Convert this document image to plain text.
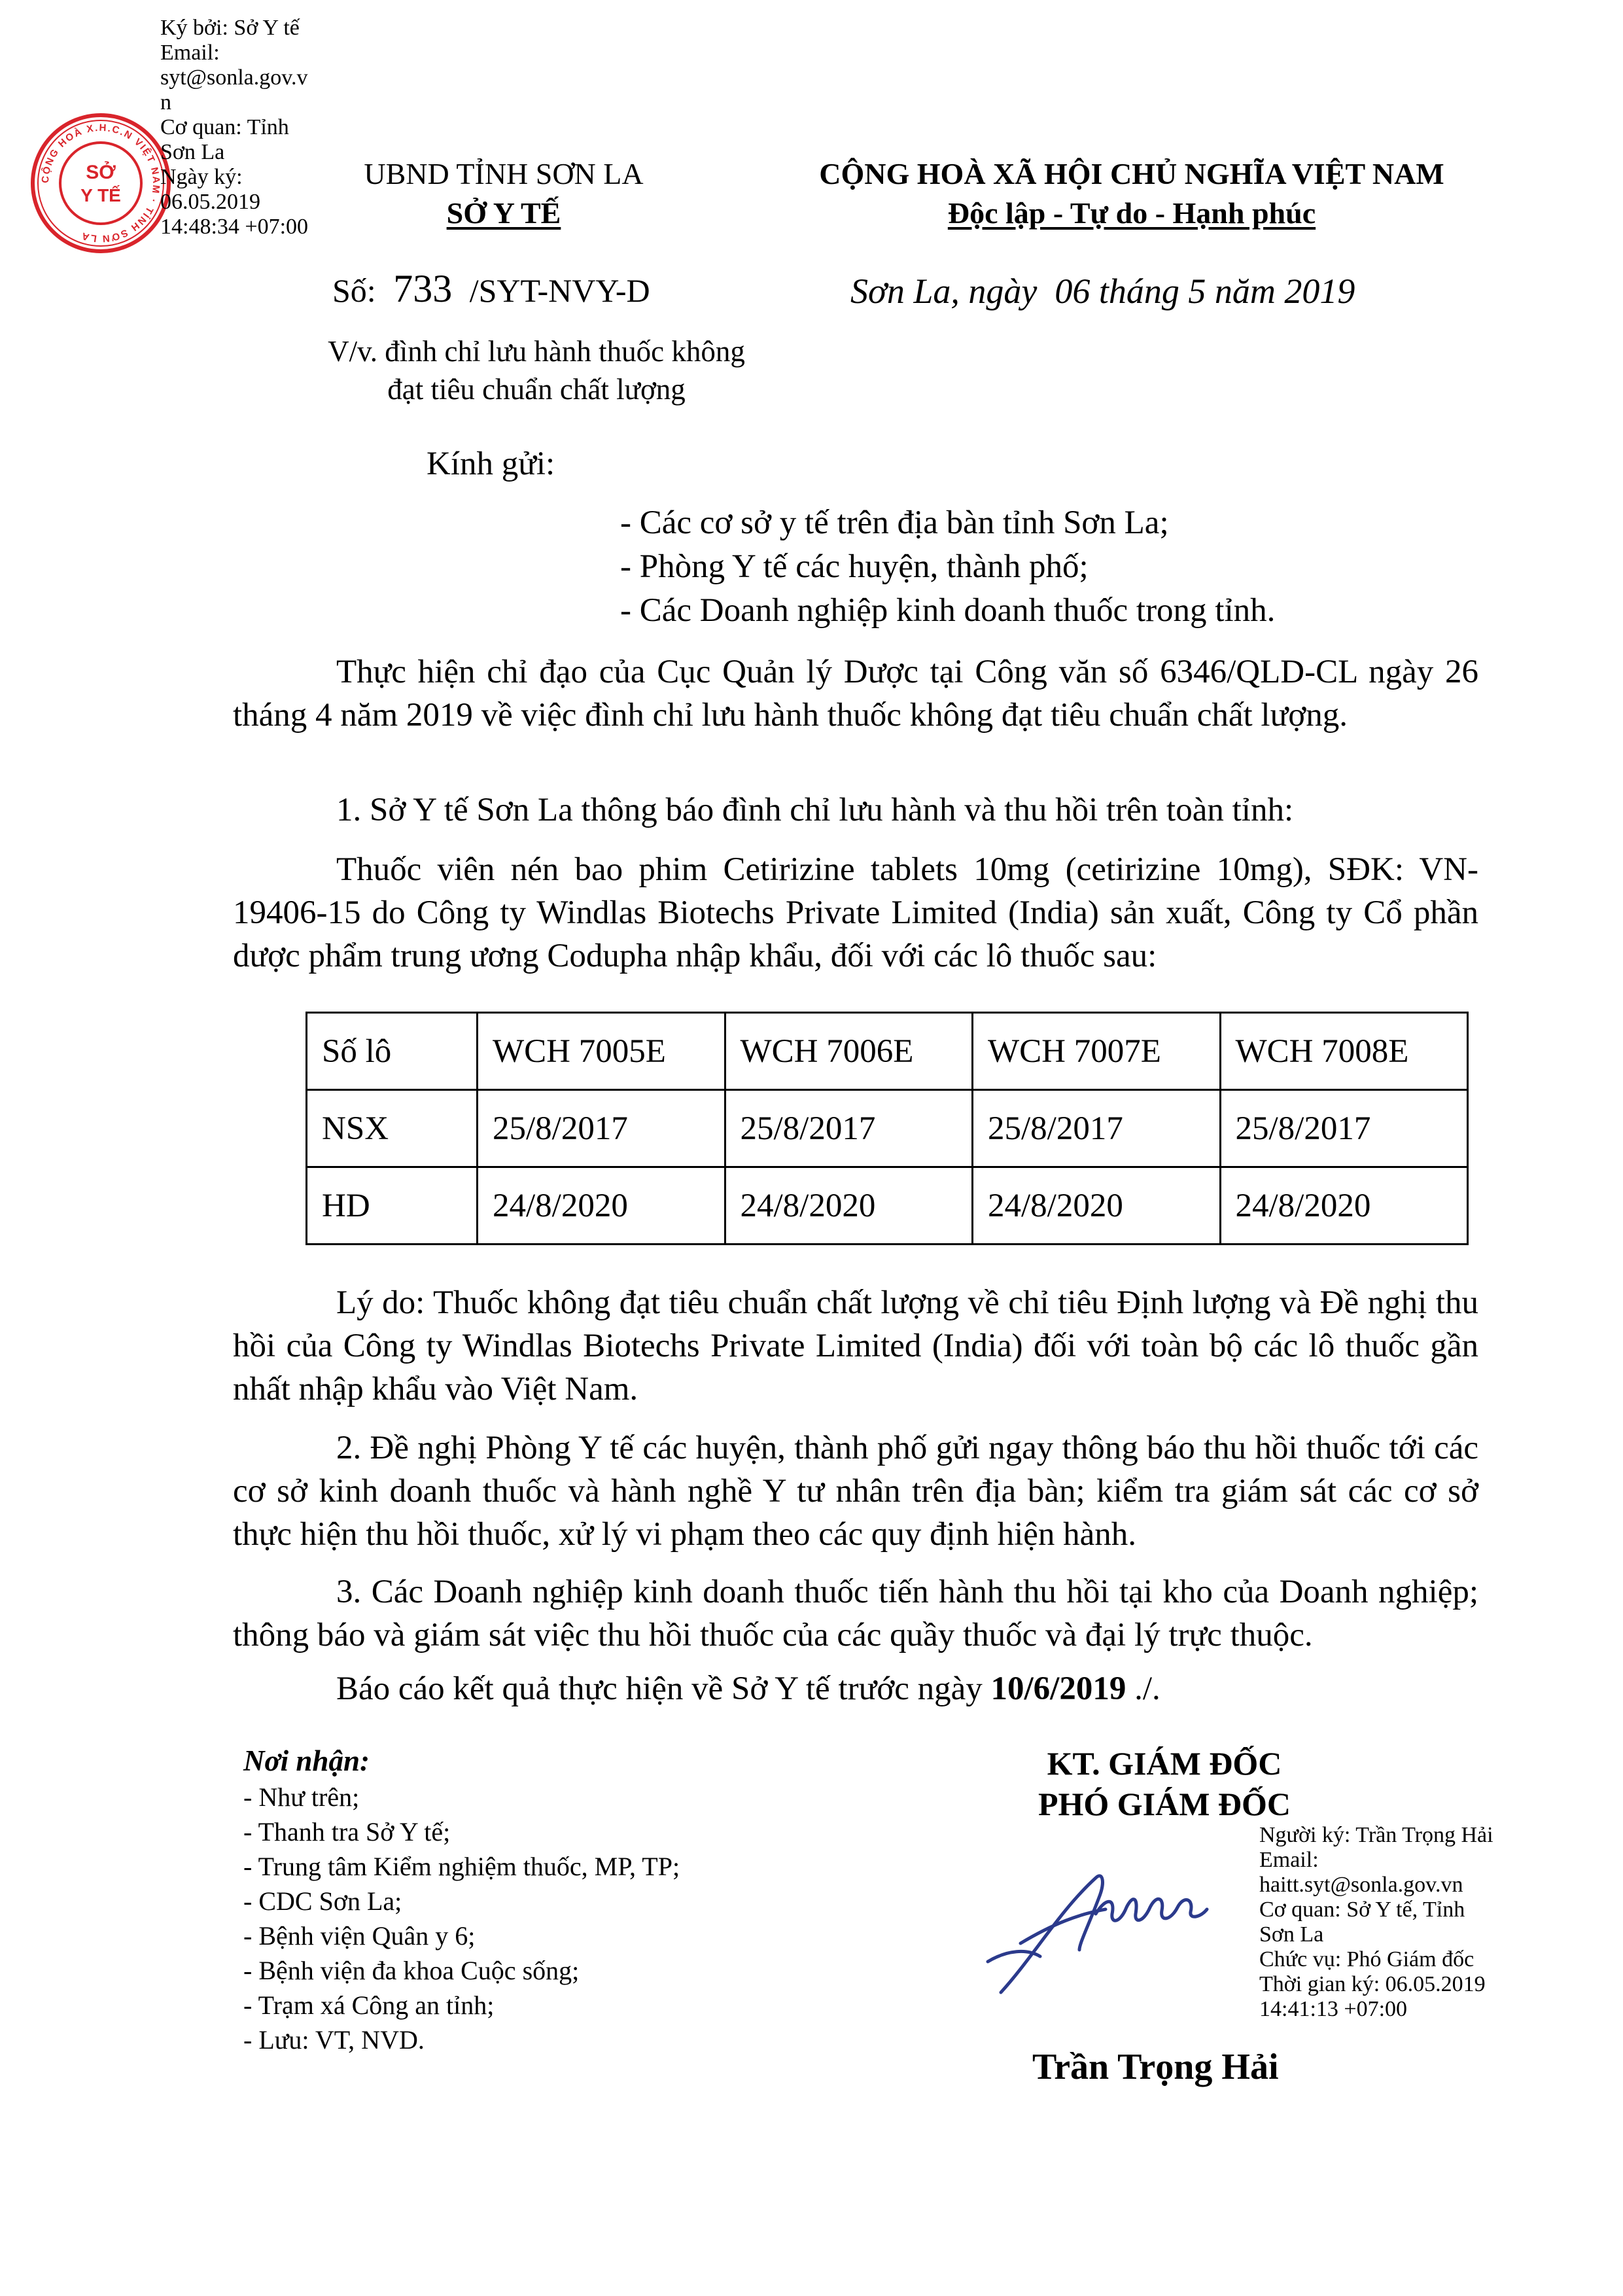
CỘNG HOÀ X.H.C.N VIỆT NAM · TỈNH SƠN LA
SỞ
Y TẾ
Ký bởi: Sở Y tế
Email:
syt@sonla.gov.vn
Cơ quan: Tỉnh Sơn La
Ngày ký:
06.05.2019
14:48:34 +07:00
UBND TỈNH SƠN LA
SỞ Y TẾ
Số: 733 /SYT-NVY-D
V/v. đình chỉ lưu hành thuốc không
đạt tiêu chuẩn chất lượng
CỘNG HOÀ XÃ HỘI CHỦ NGHĨA VIỆT NAM
Độc lập - Tự do - Hạnh phúc
Sơn La, ngày  06 tháng 5 năm 2019
Kính gửi:
- Các cơ sở y tế trên địa bàn tỉnh Sơn La;
- Phòng Y tế các huyện, thành phố;
- Các Doanh nghiệp kinh doanh thuốc trong tỉnh.
Thực hiện chỉ đạo của Cục Quản lý Dược tại Công văn số 6346/QLD-CL ngày 26 tháng 4 năm 2019 về việc đình chỉ lưu hành thuốc không đạt tiêu chuẩn chất lượng.
1. Sở Y tế Sơn La thông báo đình chỉ lưu hành và thu hồi trên toàn tỉnh:
Thuốc viên nén bao phim Cetirizine tablets 10mg (cetirizine 10mg), SĐK: VN-19406-15 do Công ty Windlas Biotechs Private Limited (India) sản xuất, Công ty Cổ phần dược phẩm trung ương Codupha nhập khẩu, đối với các lô thuốc sau:
Số lô	WCH 7005E	WCH 7006E	WCH 7007E	WCH 7008E
NSX	25/8/2017	25/8/2017	25/8/2017	25/8/2017
HD	24/8/2020	24/8/2020	24/8/2020	24/8/2020
Lý do: Thuốc không đạt tiêu chuẩn chất lượng về chỉ tiêu Định lượng và Đề nghị thu hồi của Công ty Windlas Biotechs Private Limited (India) đối với toàn bộ các lô thuốc gần nhất nhập khẩu vào Việt Nam.
2. Đề nghị Phòng Y tế các huyện, thành phố gửi ngay thông báo thu hồi thuốc tới các cơ sở kinh doanh thuốc và hành nghề Y tư nhân trên địa bàn; kiểm tra giám sát các cơ sở thực hiện thu hồi thuốc, xử lý vi phạm theo các quy định hiện hành.
3. Các Doanh nghiệp kinh doanh thuốc tiến hành thu hồi tại kho của Doanh nghiệp; thông báo và giám sát việc thu hồi thuốc của các quầy thuốc và đại lý trực thuộc.
Báo cáo kết quả thực hiện về Sở Y tế trước ngày 10/6/2019 ./.
Nơi nhận:
- Như trên;
- Thanh tra Sở Y tế;
- Trung tâm Kiểm nghiệm thuốc, MP, TP;
- CDC Sơn La;
- Bệnh viện Quân y 6;
- Bệnh viện đa khoa Cuộc sống;
- Trạm xá Công an tỉnh;
- Lưu: VT, NVD.
KT. GIÁM ĐỐC
PHÓ GIÁM ĐỐC
Người ký: Trần Trọng Hải
Email:
haitt.syt@sonla.gov.vn
Cơ quan: Sở Y tế, Tỉnh
Sơn La
Chức vụ: Phó Giám đốc
Thời gian ký: 06.05.2019
14:41:13 +07:00
Trần Trọng Hải
